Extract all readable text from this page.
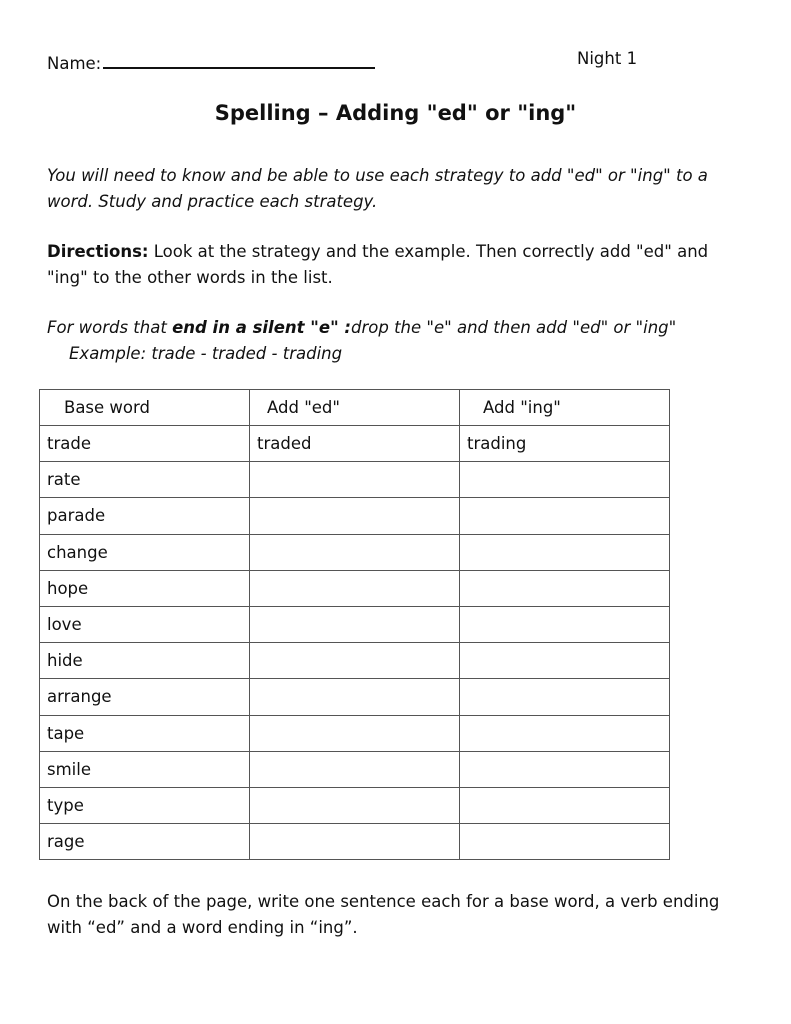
Name:	Night 1
Spelling – Adding "ed" or "ing"
You will need to know and be able to use each strategy to add "ed" or "ing" to a word. Study and practice each strategy.
Directions: Look at the strategy and the example. Then correctly add "ed" and "ing" to the other words in the list.
For words that end in a silent "e" :drop the "e" and then add "ed" or "ing"
Example: trade - traded - trading
Base word	Add "ed"	Add "ing"
trade	traded	trading
rate		
parade		
change		
hope		
love		
hide		
arrange		
tape		
smile		
type		
rage		
On the back of the page, write one sentence each for a base word, a verb ending with “ed” and a word ending in “ing”.
